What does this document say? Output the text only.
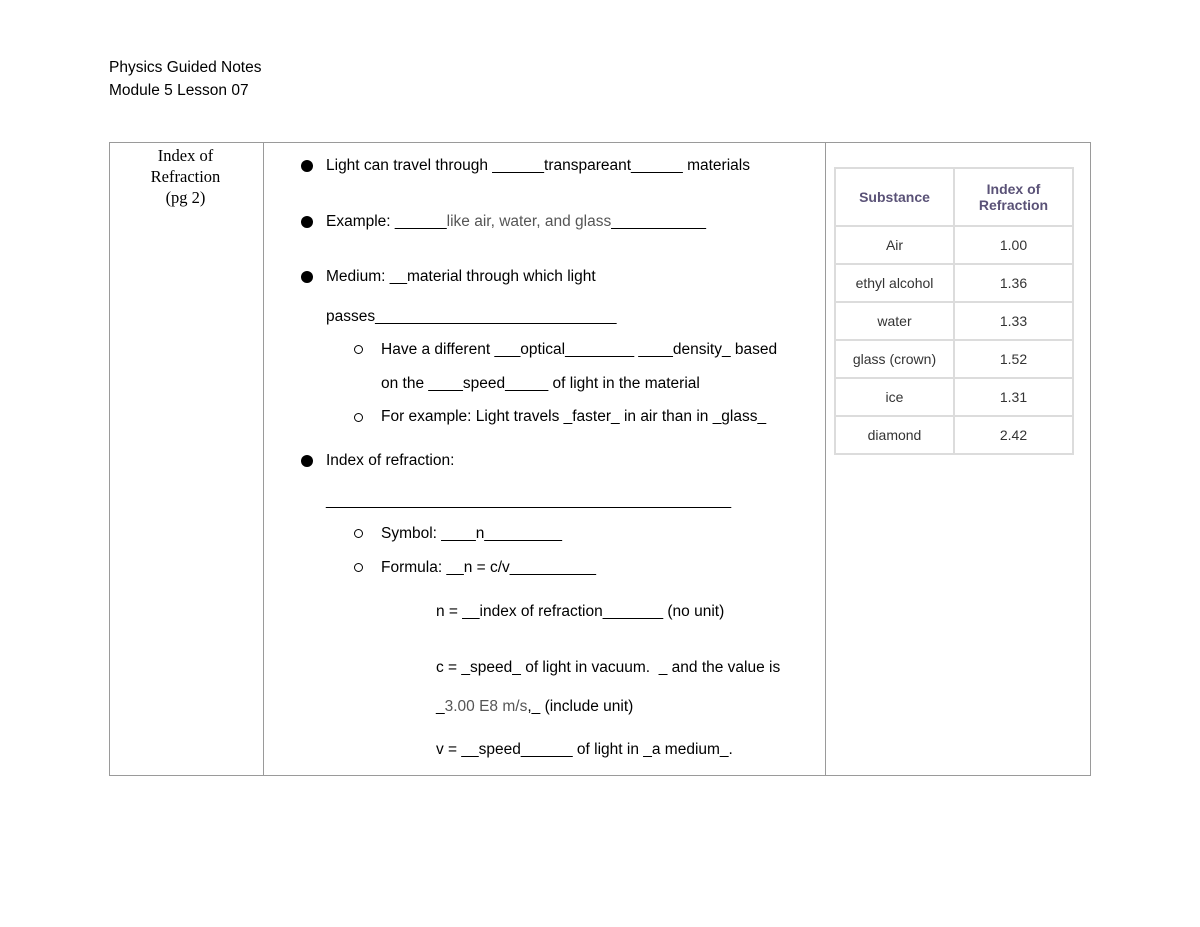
Physics Guided Notes
Module 5 Lesson 07
Index of
Refraction
(pg 2)
Light can travel through ______transpareant______ materials
Example: ______like air, water, and glass___________
Medium: __material through which light
passes____________________________
Have a different ___optical________ ____density_ based
on the ____speed_____ of light in the material
For example: Light travels _faster_ in air than in _glass_
Index of refraction:
_______________________________________________
Symbol: ____n_________
Formula: __n = c/v__________
n = __index of refraction_______ (no unit)
c = _speed_ of light in vacuum.  _ and the value is
_3.00 E8 m/s,_ (include unit)
v = __speed______ of light in _a medium_.
Substance	Index of
Refraction

Air	1.00
ethyl alcohol	1.36
water	1.33
glass (crown)	1.52
ice	1.31
diamond	2.42
